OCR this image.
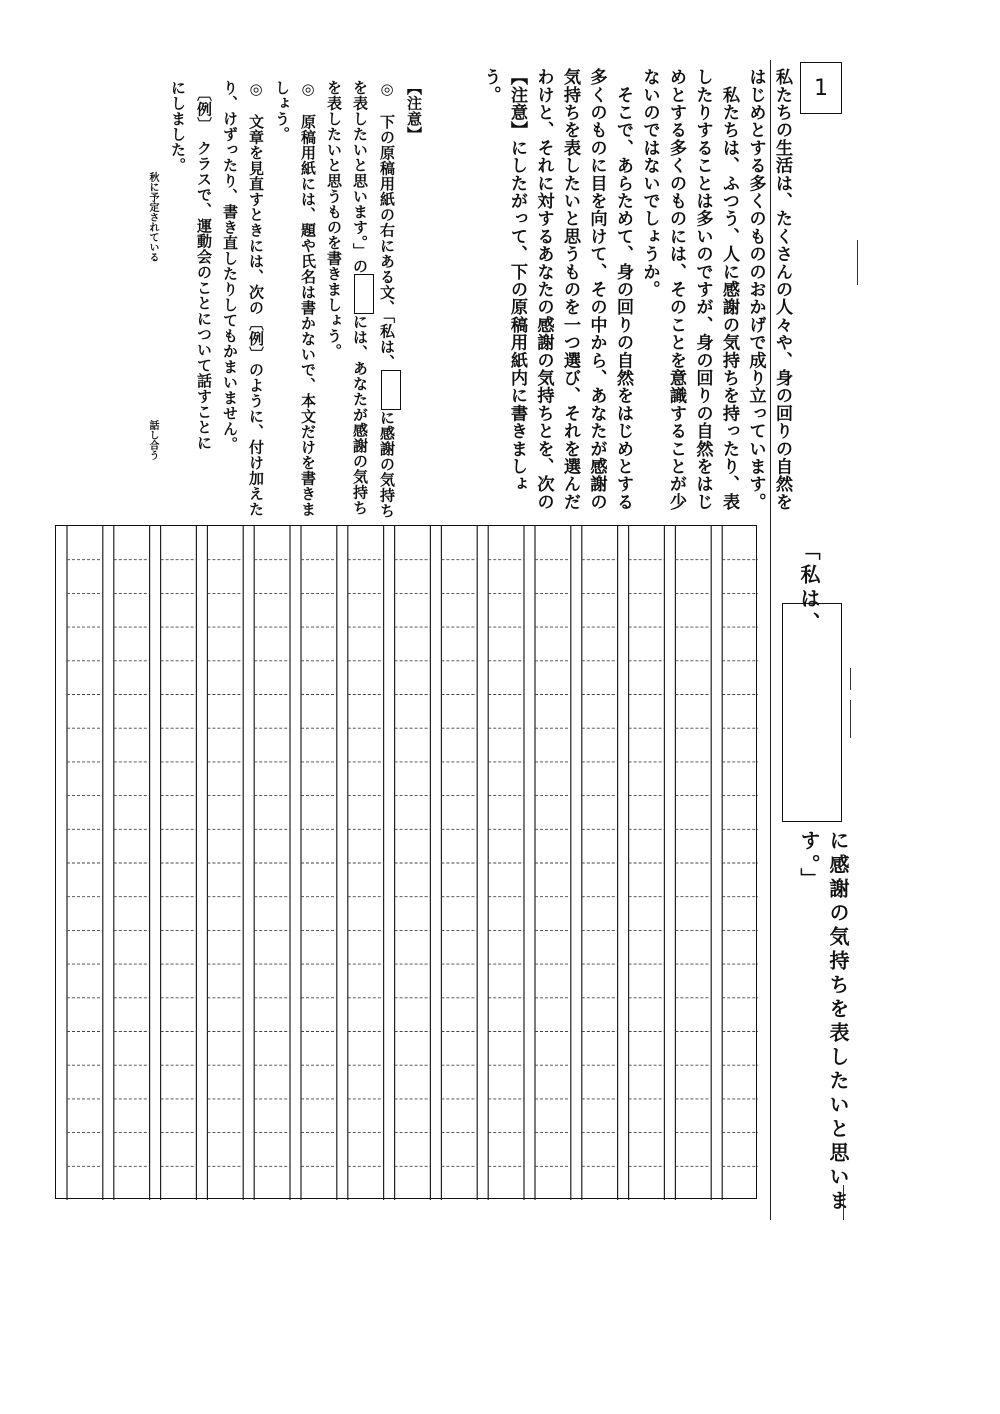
1

私たちの生活は、たくさんの人々や、身の回りの自然をはじめとする多くのもののおかげで成り立っています。

　私たちは、ふつう、人に感謝の気持ちを持ったり、表したりすることは多いのですが、身の回りの自然をはじめとする多くのものには、そのことを意識することが少ないのではないでしょうか。

　そこで、あらためて、身の回りの自然をはじめとする多くのものに目を向けて、その中から、あなたが感謝の気持ちを表したいと思うものを一つ選び、それを選んだわけと、それに対するあなたの感謝の気持ちとを、次の【注意】にしたがって、下の原稿用紙内に書きましょう。

【注意】

◎　下の原稿用紙の右にある文、「私は、に感謝の気持ちを表したいと思います。」のには、あなたが感謝の気持ちを表したいと思うものを書きましょう。

◎　原稿用紙には、題や氏名は書かないで、本文だけを書きましょう。

◎　文章を見直すときには、次の〔例〕のように、付け加えたり、けずったり、書き直したりしてもかまいません。

〔例〕　クラスで、運動会のことについて話すことに

にしました。

秋に予定されている
話し合う
「私は、
に感謝の気持ちを表したいと思います。」
